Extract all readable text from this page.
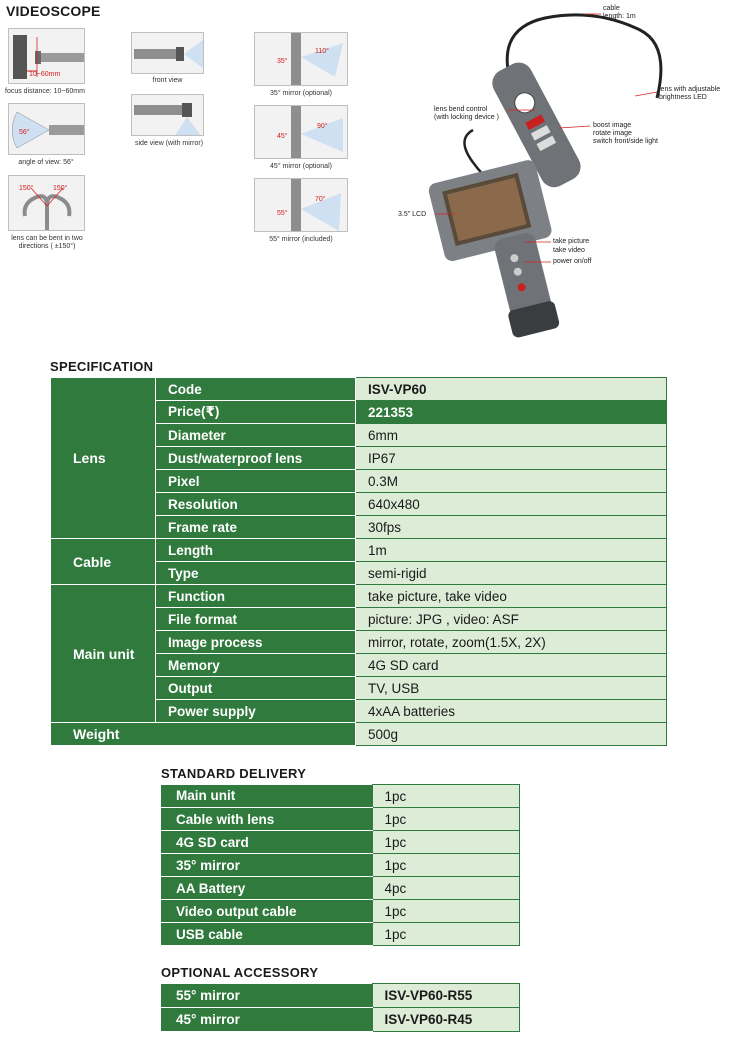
VIDEOSCOPE
10~60mm
focus distance: 10~60mm
56°
angle of view: 56°
150°	150°
lens can be bent in two
directions ( ±150°)
front view
side view (with mirror)
35°
110°
35° mirror (optional)
45°
90°
45° mirror (optional)
55°
70°
55° mirror (included)
cable
length: 1m
lens with adjustable
brightness LED
lens bend control
(with locking device )
boost image
rotate image
switch front/side light
3.5" LCD
take picture
take video
power on/off
SPECIFICATION
Lens	Code	ISV-VP60
	Price(₹)	221353
	Diameter	6mm
	Dust/waterproof lens	IP67
	Pixel	0.3M
	Resolution	640x480
	Frame rate	30fps
Cable	Length	1m
	Type	semi-rigid
Main unit	Function	take picture, take video
	File format	picture: JPG , video: ASF
	Image process	mirror, rotate, zoom(1.5X, 2X)
	Memory	4G SD card
	Output	TV, USB
	Power supply	4xAA batteries
Weight		500g
STANDARD DELIVERY
Main unit	1pc
Cable with lens	1pc
4G SD card	1pc
35° mirror	1pc
AA Battery	4pc
Video output cable	1pc
USB cable	1pc
OPTIONAL ACCESSORY
55° mirror	ISV-VP60-R55
45° mirror	ISV-VP60-R45
